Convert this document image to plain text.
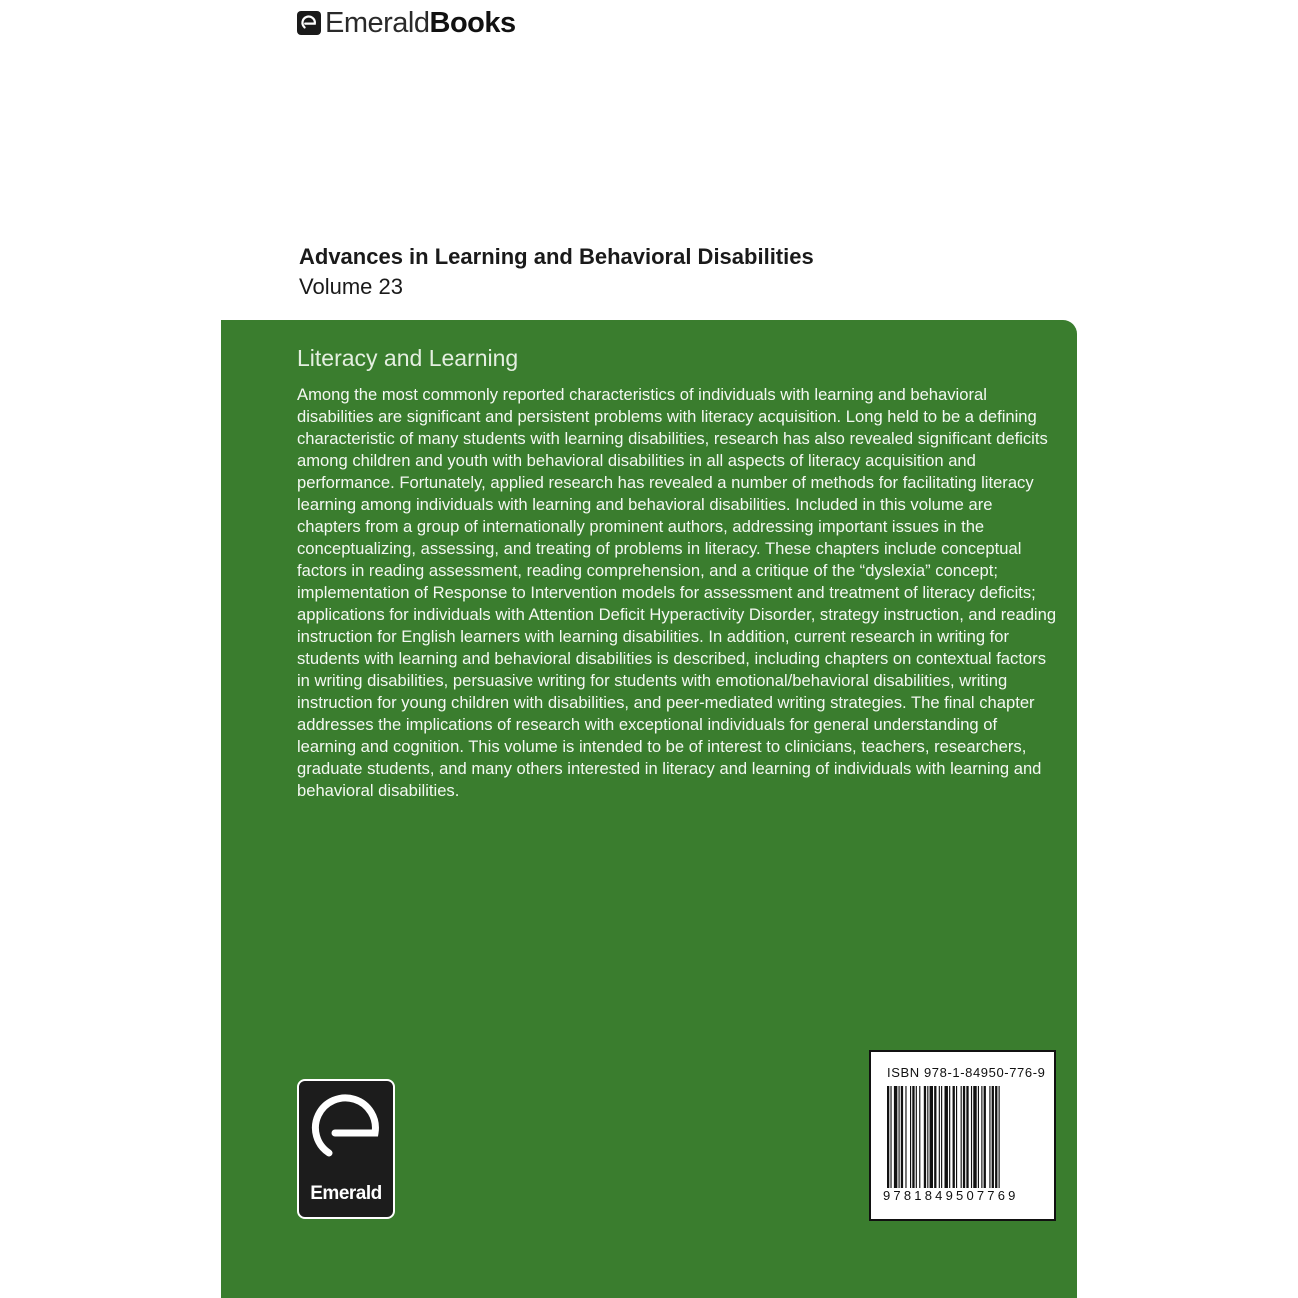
EmeraldBooks
Advances in Learning and Behavioral Disabilities
Volume 23
Literacy and Learning

Among the most commonly reported characteristics of individuals with learning and behavioral disabilities are significant and persistent problems with literacy acquisition. Long held to be a defining characteristic of many students with learning disabilities, research has also revealed significant deficits among children and youth with behavioral disabilities in all aspects of literacy acquisition and performance. Fortunately, applied research has revealed a number of methods for facilitating literacy learning among individuals with learning and behavioral disabilities. Included in this volume are chapters from a group of internationally prominent authors, addressing important issues in the conceptualizing, assessing, and treating of problems in literacy. These chapters include conceptual factors in reading assessment, reading comprehension, and a critique of the “dyslexia” concept; implementation of Response to Intervention models for assessment and treatment of literacy deficits; applications for individuals with Attention Deficit Hyperactivity Disorder, strategy instruction, and reading instruction for English learners with learning disabilities. In addition, current research in writing for students with learning and behavioral disabilities is described, including chapters on contextual factors in writing disabilities, persuasive writing for students with emotional/behavioral disabilities, writing instruction for young children with disabilities, and peer-mediated writing strategies. The final chapter addresses the implications of research with exceptional individuals for general understanding of learning and cognition. This volume is intended to be of interest to clinicians, teachers, researchers, graduate students, and many others interested in literacy and learning of individuals with learning and behavioral disabilities.

Emerald
ISBN 978-1-84950-776-9
9781849507769
